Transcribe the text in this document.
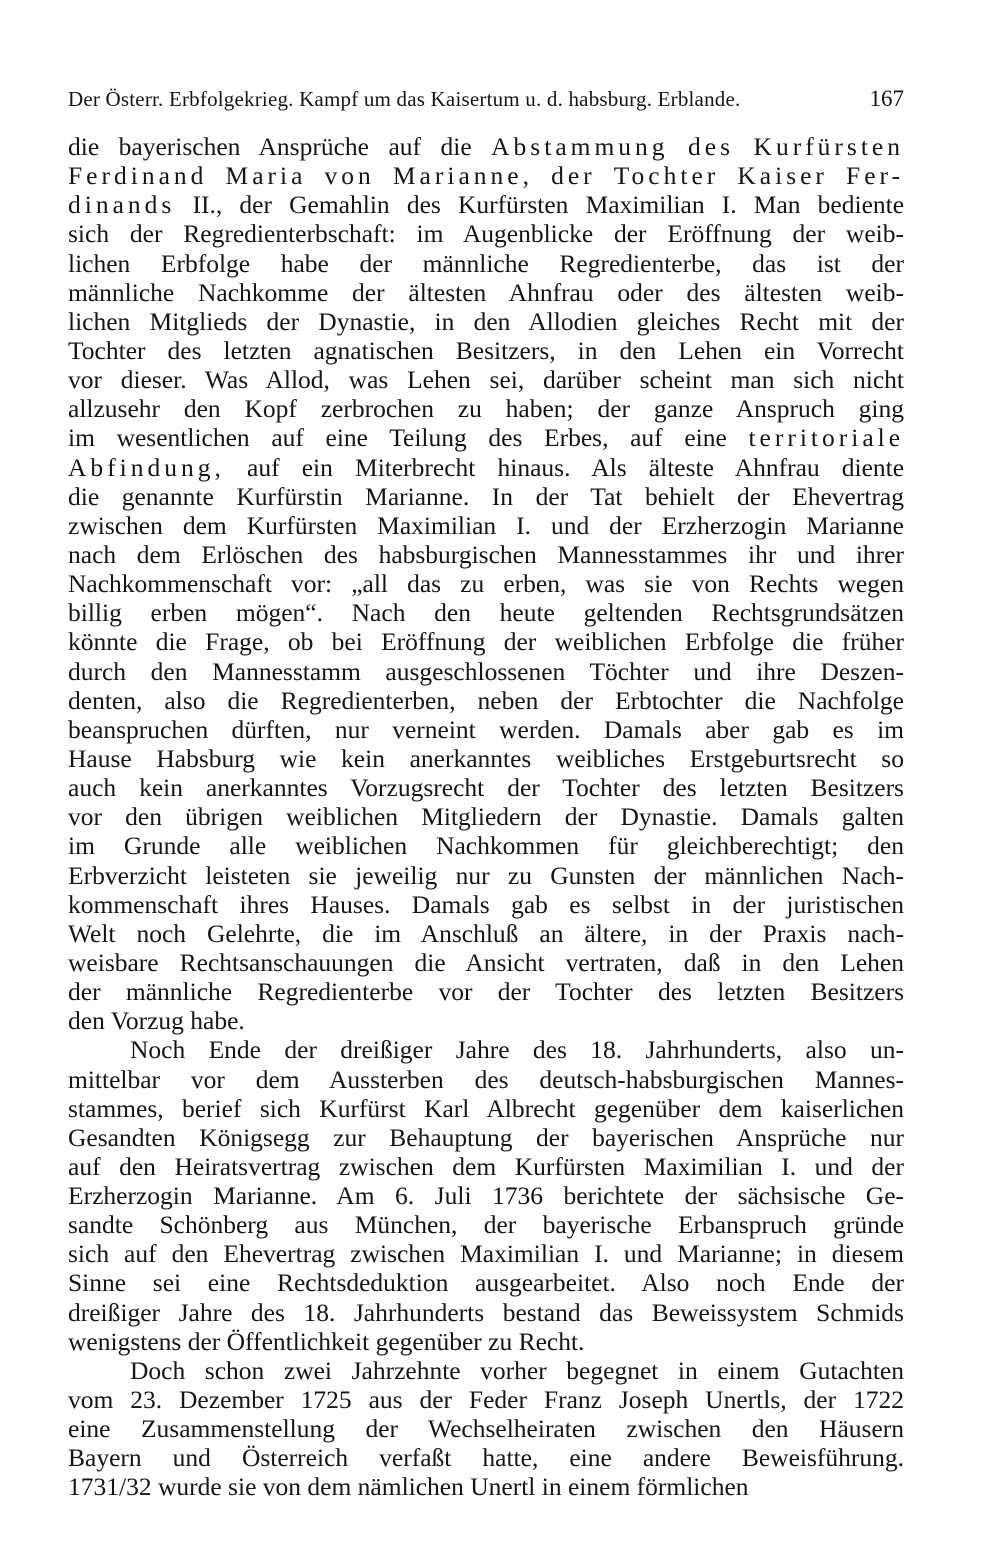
Der Österr. Erbfolgekrieg. Kampf um das Kaisertum u. d. habsburg. Erblande.	167
die bayerischen Ansprüche auf die Abstammung des Kurfürsten
Ferdinand Maria von Marianne, der Tochter Kaiser Fer-
dinands II., der Gemahlin des Kurfürsten Maximilian I. Man bediente
sich der Regredienterbschaft: im Augenblicke der Eröffnung der weib-
lichen Erbfolge habe der männliche Regredienterbe, das ist der
männliche Nachkomme der ältesten Ahnfrau oder des ältesten weib-
lichen Mitglieds der Dynastie, in den Allodien gleiches Recht mit der
Tochter des letzten agnatischen Besitzers, in den Lehen ein Vorrecht
vor dieser. Was Allod, was Lehen sei, darüber scheint man sich nicht
allzusehr den Kopf zerbrochen zu haben; der ganze Anspruch ging
im wesentlichen auf eine Teilung des Erbes, auf eine territoriale
Abfindung, auf ein Miterbrecht hinaus. Als älteste Ahnfrau diente
die genannte Kurfürstin Marianne. In der Tat behielt der Ehevertrag
zwischen dem Kurfürsten Maximilian I. und der Erzherzogin Marianne
nach dem Erlöschen des habsburgischen Mannesstammes ihr und ihrer
Nachkommenschaft vor: „all das zu erben, was sie von Rechts wegen
billig erben mögen“. Nach den heute geltenden Rechtsgrundsätzen
könnte die Frage, ob bei Eröffnung der weiblichen Erbfolge die früher
durch den Mannesstamm ausgeschlossenen Töchter und ihre Deszen-
denten, also die Regredienterben, neben der Erbtochter die Nachfolge
beanspruchen dürften, nur verneint werden. Damals aber gab es im
Hause Habsburg wie kein anerkanntes weibliches Erstgeburtsrecht so
auch kein anerkanntes Vorzugsrecht der Tochter des letzten Besitzers
vor den übrigen weiblichen Mitgliedern der Dynastie. Damals galten
im Grunde alle weiblichen Nachkommen für gleichberechtigt; den
Erbverzicht leisteten sie jeweilig nur zu Gunsten der männlichen Nach-
kommenschaft ihres Hauses. Damals gab es selbst in der juristischen
Welt noch Gelehrte, die im Anschluß an ältere, in der Praxis nach-
weisbare Rechtsanschauungen die Ansicht vertraten, daß in den Lehen
der männliche Regredienterbe vor der Tochter des letzten Besitzers
den Vorzug habe.
Noch Ende der dreißiger Jahre des 18. Jahrhunderts, also un-
mittelbar vor dem Aussterben des deutsch-habsburgischen Mannes-
stammes, berief sich Kurfürst Karl Albrecht gegenüber dem kaiserlichen
Gesandten Königsegg zur Behauptung der bayerischen Ansprüche nur
auf den Heiratsvertrag zwischen dem Kurfürsten Maximilian I. und der
Erzherzogin Marianne. Am 6. Juli 1736 berichtete der sächsische Ge-
sandte Schönberg aus München, der bayerische Erbanspruch gründe
sich auf den Ehevertrag zwischen Maximilian I. und Marianne; in diesem
Sinne sei eine Rechtsdeduktion ausgearbeitet. Also noch Ende der
dreißiger Jahre des 18. Jahrhunderts bestand das Beweissystem Schmids
wenigstens der Öffentlichkeit gegenüber zu Recht.
Doch schon zwei Jahrzehnte vorher begegnet in einem Gutachten
vom 23. Dezember 1725 aus der Feder Franz Joseph Unertls, der 1722
eine Zusammenstellung der Wechselheiraten zwischen den Häusern
Bayern und Österreich verfaßt hatte, eine andere Beweisführung.
1731/32 wurde sie von dem nämlichen Unertl in einem förmlichen
